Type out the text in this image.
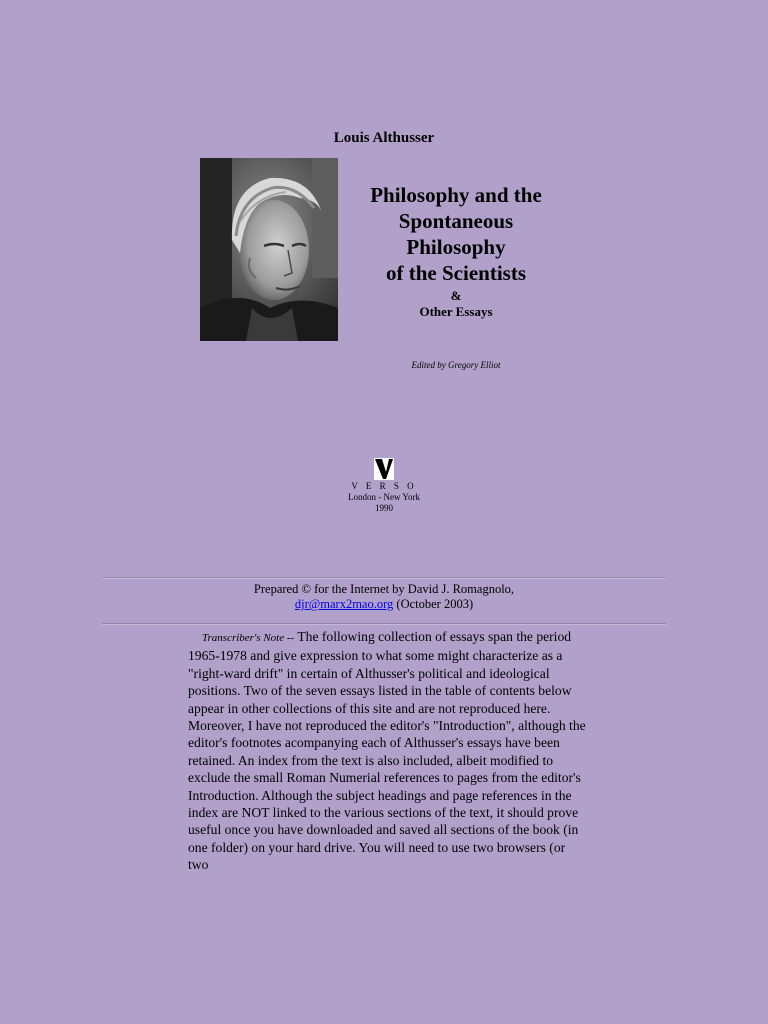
Louis Althusser

Philosophy and the
Spontaneous
Philosophy
of the Scientists
&
Other Essays
Edited by Gregory Elliot
V E R S O
London - New York
1990
Prepared © for the Internet by David J. Romagnolo,
djr@marx2mao.org (October 2003)

Transcriber's Note -- The following collection of essays span the period 1965-1978 and give expression to what some might characterize as a "right-ward drift" in certain of Althusser's political and ideological positions. Two of the seven essays listed in the table of contents below appear in other collections of this site and are not reproduced here. Moreover, I have not reproduced the editor's "Introduction", although the editor's footnotes acompanying each of Althusser's essays have been retained. An index from the text is also included, albeit modified to exclude the small Roman Numerial references to pages from the editor's Introduction. Although the subject headings and page references in the index are NOT linked to the various sections of the text, it should prove useful once you have downloaded and saved all sections of the book (in one folder) on your hard drive. You will need to use two browsers (or two
